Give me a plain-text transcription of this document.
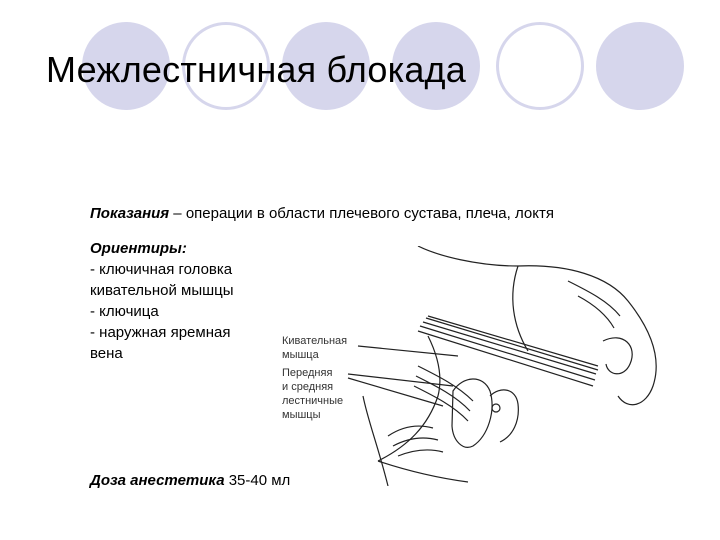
Межлестничная блокада
Показания – операции в области плечевого сустава, плеча, локтя
Ориентиры:
- ключичная головка
кивательной мышцы
- ключица
- наружная яремная
вена
Кивательная
мышца
Передняя
и средняя
лестничные
мышцы
Доза анестетика 35-40 мл
